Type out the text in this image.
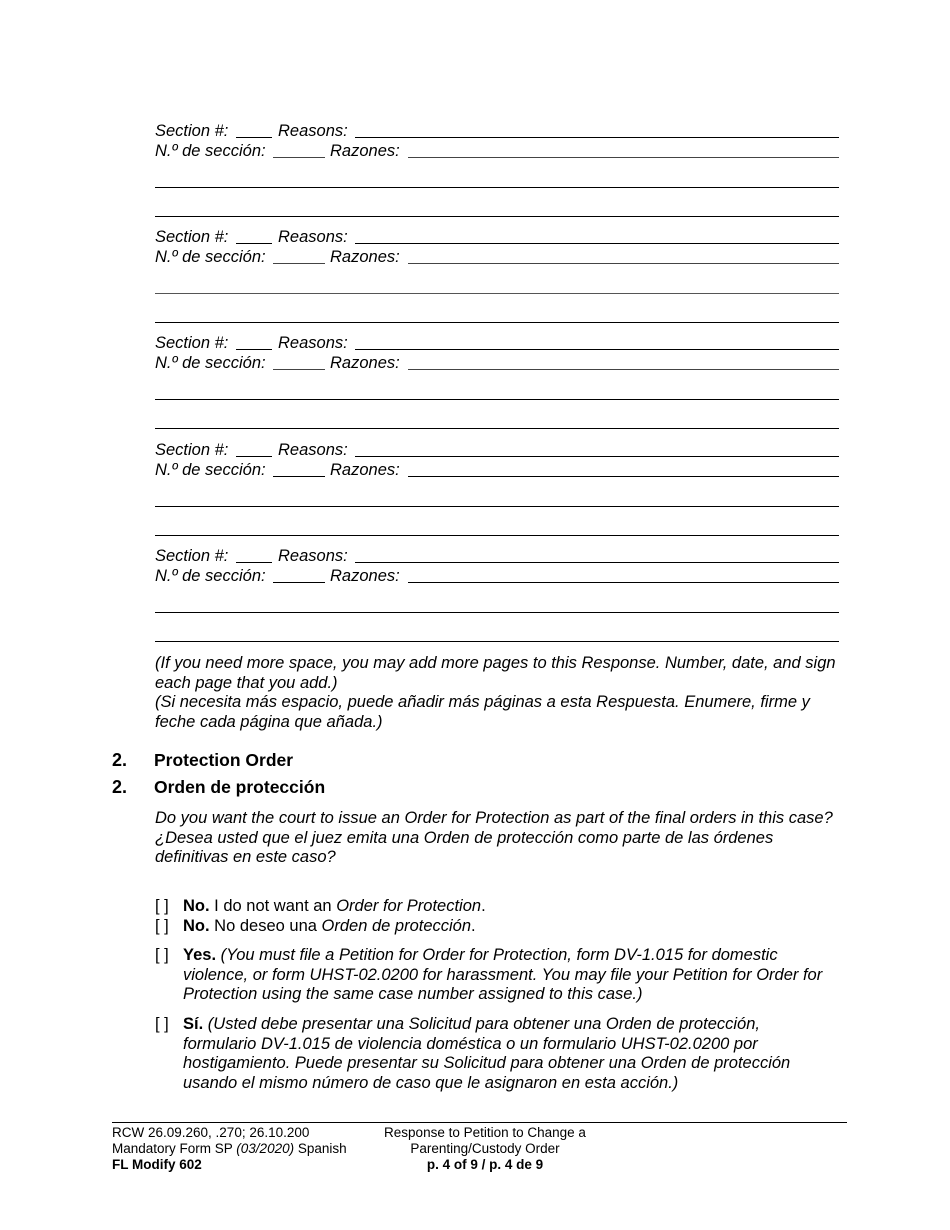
Section #:	Reasons:
N.º de sección:	Razones:
Section #:	Reasons:
N.º de sección:	Razones:
Section #:	Reasons:
N.º de sección:	Razones:
Section #:	Reasons:
N.º de sección:	Razones:
Section #:	Reasons:
N.º de sección:	Razones:

(If you need more space, you may add more pages to this Response. Number, date, and sign each page that you add.)

(Si necesita más espacio, puede añadir más páginas a esta Respuesta. Enumere, firme y feche cada página que añada.)

2. Protection Order
2. Orden de protección

Do you want the court to issue an Order for Protection as part of the final orders in this case?

¿Desea usted que el juez emita una Orden de protección como parte de las órdenes definitivas en este caso?

[ ] No. I do not want an Order for Protection.
[ ] No. No deseo una Orden de protección.
[ ] Yes. (You must file a Petition for Order for Protection, form DV-1.015 for domestic violence, or form UHST-02.0200 for harassment. You may file your Petition for Order for Protection using the same case number assigned to this case.)
[ ] Sí. (Usted debe presentar una Solicitud para obtener una Orden de protección, formulario DV-1.015 de violencia doméstica o un formulario UHST-02.0200 por hostigamiento. Puede presentar su Solicitud para obtener una Orden de protección usando el mismo número de caso que le asignaron en esta acción.)
RCW 26.09.260, .270; 26.10.200
Mandatory Form SP (03/2020) Spanish
FL Modify 602
Response to Petition to Change a
Parenting/Custody Order
p. 4 of 9 / p. 4 de 9
